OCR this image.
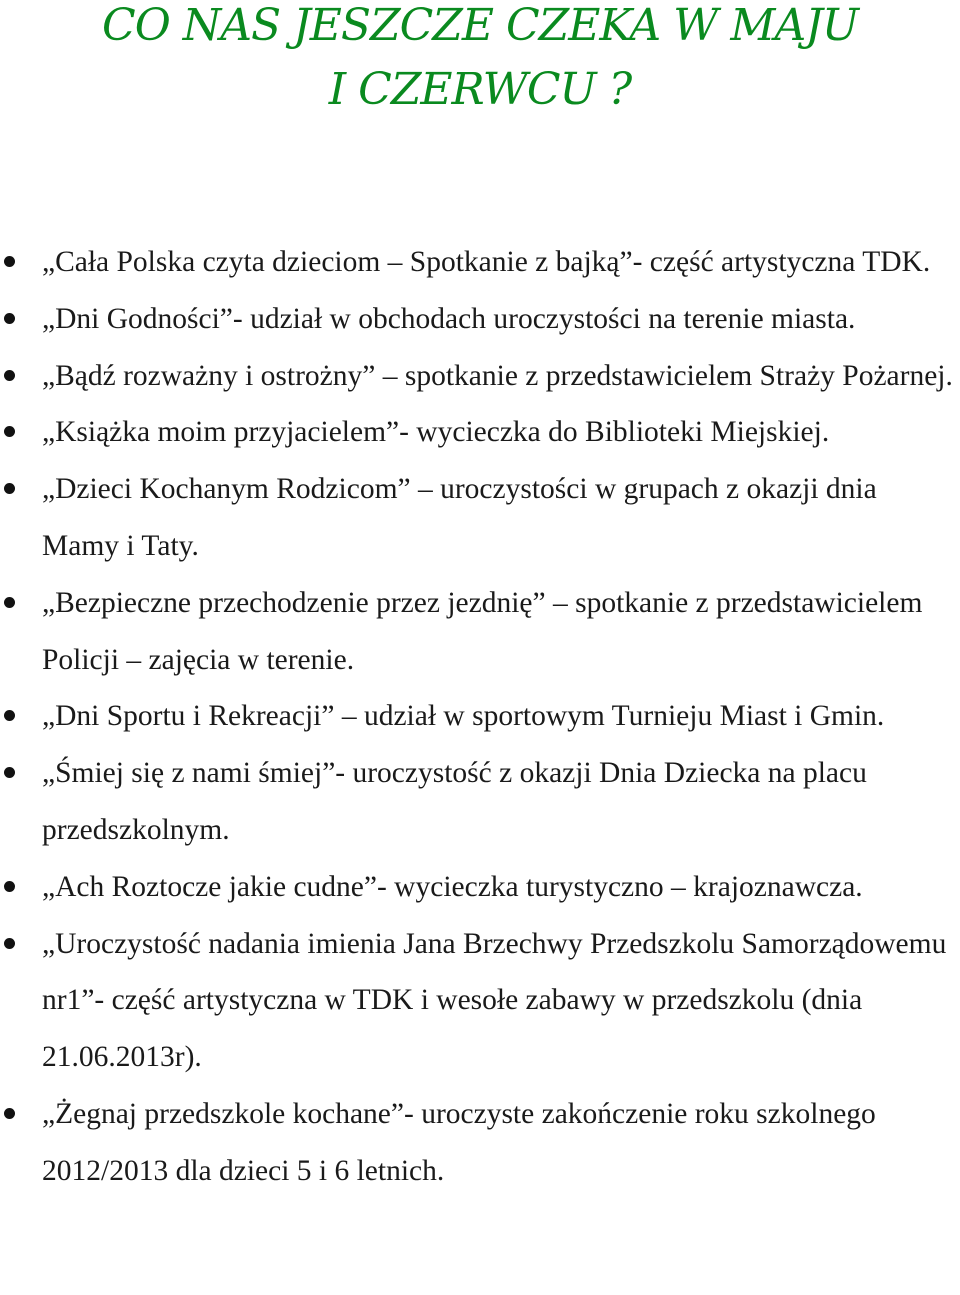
CO NAS JESZCZE CZEKA W MAJU
I CZERWCU ?
„Cała Polska czyta dzieciom – Spotkanie z bajką”- część artystyczna TDK.
„Dni Godności”- udział w obchodach uroczystości na terenie miasta.
„Bądź rozważny i ostrożny” – spotkanie z przedstawicielem Straży Pożarnej.
„Książka moim przyjacielem”- wycieczka do Biblioteki Miejskiej.
„Dzieci Kochanym Rodzicom” – uroczystości w grupach z okazji dnia Mamy i Taty.
„Bezpieczne przechodzenie przez jezdnię” – spotkanie z przedstawicielem Policji – zajęcia w terenie.
„Dni Sportu i Rekreacji” – udział w sportowym Turnieju Miast i Gmin.
„Śmiej się z nami śmiej”- uroczystość z okazji Dnia Dziecka na placu przedszkolnym.
„Ach Roztocze jakie cudne”- wycieczka turystyczno – krajoznawcza.
„Uroczystość nadania imienia Jana Brzechwy Przedszkolu Samorządowemu nr1”- część artystyczna w TDK i wesołe zabawy w przedszkolu (dnia 21.06.2013r).
„Żegnaj przedszkole kochane”- uroczyste zakończenie roku szkolnego 2012/2013 dla dzieci 5 i 6 letnich.
